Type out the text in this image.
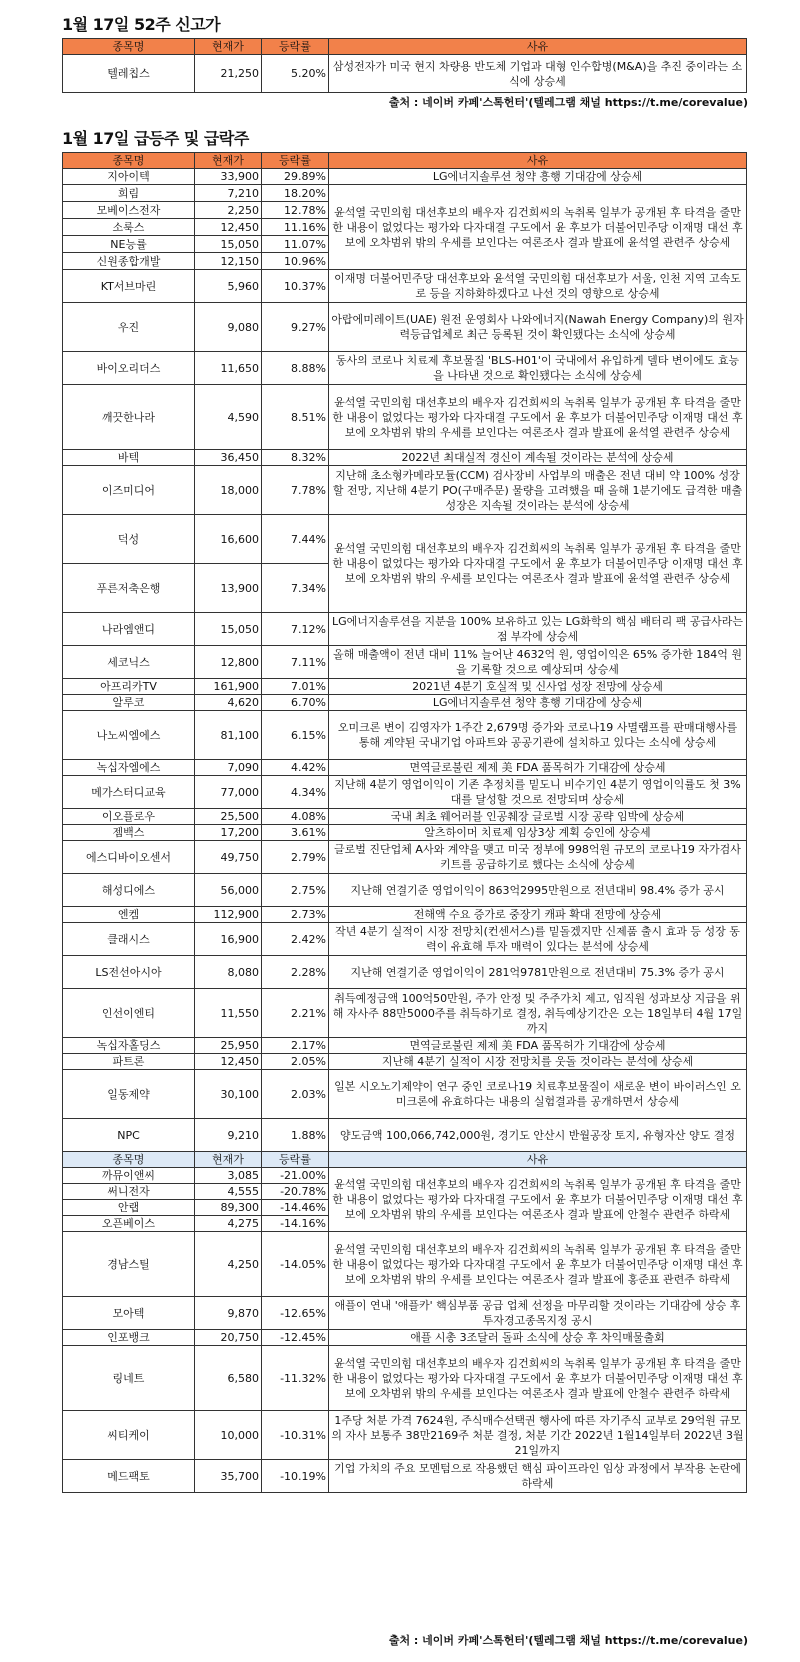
1월 17일 52주 신고가
종목명	현재가	등락률	사유
텔레칩스	21,250	5.20%	삼성전자가 미국 현지 차량용 반도체 기업과 대형 인수합병(M&A)을 추진 중이라는 소식에 상승세
출처 : 네이버 카페'스톡헌터'(텔레그램 채널 https://t.me/corevalue)
1월 17일 급등주 및 급락주
종목명	현재가	등락률	사유
지아이텍	33,900	29.89%	LG에너지솔루션 청약 흥행 기대감에 상승세
희림	7,210	18.20%	윤석열 국민의힘 대선후보의 배우자 김건희씨의 녹취록 일부가 공개된 후 타격을 줄만한 내용이 없었다는 평가와 다자대결 구도에서 윤 후보가 더불어민주당 이재명 대선 후보에 오차범위 밖의 우세를 보인다는 여론조사 결과 발표에 윤석열 관련주 상승세
모베이스전자	2,250	12.78%	
소룩스	12,450	11.16%	
NE능률	15,050	11.07%	
신원종합개발	12,150	10.96%	
KT서브마린	5,960	10.37%	이재명 더불어민주당 대선후보와 윤석열 국민의힘 대선후보가 서울, 인천 지역 고속도로 등을 지하화하겠다고 나선 것의 영향으로 상승세
우진	9,080	9.27%	아랍에미레이트(UAE) 원전 운영회사 나와에너지(Nawah Energy Company)의 원자력등급업체로 최근 등록된 것이 확인됐다는 소식에 상승세
바이오리더스	11,650	8.88%	동사의 코로나 치료제 후보물질 'BLS-H01'이 국내에서 유입하게 델타 변이에도 효능을 나타낸 것으로 확인됐다는 소식에 상승세
깨끗한나라	4,590	8.51%	윤석열 국민의힘 대선후보의 배우자 김건희씨의 녹취록 일부가 공개된 후 타격을 줄만한 내용이 없었다는 평가와 다자대결 구도에서 윤 후보가 더불어민주당 이재명 대선 후보에 오차범위 밖의 우세를 보인다는 여론조사 결과 발표에 윤석열 관련주 상승세
바텍	36,450	8.32%	2022년 최대실적 경신이 계속될 것이라는 분석에 상승세
이즈미디어	18,000	7.78%	지난해 초소형카메라모듈(CCM) 검사장비 사업부의 매출은 전년 대비 약 100% 성장할 전망, 지난해 4분기 PO(구매주문) 물량을 고려했을 때 올해 1분기에도 급격한 매출 성장은 지속될 것이라는 분석에 상승세
덕성	16,600	7.44%	윤석열 국민의힘 대선후보의 배우자 김건희씨의 녹취록 일부가 공개된 후 타격을 줄만한 내용이 없었다는 평가와 다자대결 구도에서 윤 후보가 더불어민주당 이재명 대선 후보에 오차범위 밖의 우세를 보인다는 여론조사 결과 발표에 윤석열 관련주 상승세
푸른저축은행	13,900	7.34%	
나라엠앤디	15,050	7.12%	LG에너지솔루션을 지분을 100% 보유하고 있는 LG화학의 핵심 배터리 팩 공급사라는 점 부각에 상승세
세코닉스	12,800	7.11%	올해 매출액이 전년 대비 11% 늘어난 4632억 원, 영업이익은 65% 증가한 184억 원을 기록할 것으로 예상되며 상승세
아프리카TV	161,900	7.01%	2021년 4분기 호실적 및 신사업 성장 전망에 상승세
알루코	4,620	6.70%	LG에너지솔루션 청약 흥행 기대감에 상승세
나노씨엠에스	81,100	6.15%	오미크론 변이 김영자가 1주간 2,679명 증가와 코로나19 사멸램프를 판매대행사를 통해 계약된 국내기업 아파트와 공공기관에 설치하고 있다는 소식에 상승세
녹십자엠에스	7,090	4.42%	면역글로불린 제제 美 FDA 품목허가 기대감에 상승세
메가스터디교육	77,000	4.34%	지난해 4분기 영업이익이 기존 추정치를 밑도니 비수기인 4분기 영업이익률도 첫 3%대를 달성할 것으로 전망되며 상승세
이오플로우	25,500	4.08%	국내 최초 웨어러블 인공췌장 글로벌 시장 공략 임박에 상승세
젬백스	17,200	3.61%	알츠하이머 치료제 임상3상 계획 승인에 상승세
에스디바이오센서	49,750	2.79%	글로벌 진단업체 A사와 계약을 맺고 미국 정부에 998억원 규모의 코로나19 자가검사키트를 공급하기로 했다는 소식에 상승세
해성디에스	56,000	2.75%	지난해 연결기준 영업이익이 863억2995만원으로 전년대비 98.4% 증가 공시
엔켐	112,900	2.73%	전해액 수요 증가로 중장기 캐파 확대 전망에 상승세
클래시스	16,900	2.42%	작년 4분기 실적이 시장 전망치(컨센서스)를 밑돌겠지만 신제품 출시 효과 등 성장 동력이 유효해 투자 매력이 있다는 분석에 상승세
LS전선아시아	8,080	2.28%	지난해 연결기준 영업이익이 281억9781만원으로 전년대비 75.3% 증가 공시
인선이엔티	11,550	2.21%	취득예정금액 100억50만원, 주가 안정 및 주주가치 제고, 임직원 성과보상 지급을 위해 자사주 88만5000주를 취득하기로 결정, 취득예상기간은 오는 18일부터 4월 17일까지
녹십자홀딩스	25,950	2.17%	면역글로불린 제제 美 FDA 품목허가 기대감에 상승세
파트론	12,450	2.05%	지난해 4분기 실적이 시장 전망치를 웃돌 것이라는 분석에 상승세
일동제약	30,100	2.03%	일본 시오노기제약이 연구 중인 코로나19 치료후보물질이 새로운 변이 바이러스인 오미크론에 유효하다는 내용의 실험결과를 공개하면서 상승세
NPC	9,210	1.88%	양도금액 100,066,742,000원, 경기도 안산시 반월공장 토지, 유형자산 양도 결정
종목명	현재가	등락률	사유
까뮤이앤씨	3,085	-21.00%	윤석열 국민의힘 대선후보의 배우자 김건희씨의 녹취록 일부가 공개된 후 타격을 줄만한 내용이 없었다는 평가와 다자대결 구도에서 윤 후보가 더불어민주당 이재명 대선 후보에 오차범위 밖의 우세를 보인다는 여론조사 결과 발표에 안철수 관련주 하락세
써니전자	4,555	-20.78%	
안랩	89,300	-14.46%	
오픈베이스	4,275	-14.16%	
경남스틸	4,250	-14.05%	윤석열 국민의힘 대선후보의 배우자 김건희씨의 녹취록 일부가 공개된 후 타격을 줄만한 내용이 없었다는 평가와 다자대결 구도에서 윤 후보가 더불어민주당 이재명 대선 후보에 오차범위 밖의 우세를 보인다는 여론조사 결과 발표에 홍준표 관련주 하락세
모아텍	9,870	-12.65%	애플이 연내 '애플카' 핵심부품 공급 업체 선정을 마무리할 것이라는 기대감에 상승 후 투자경고종목지정 공시
인포뱅크	20,750	-12.45%	애플 시총 3조달러 돌파 소식에 상승 후 차익매물출회
링네트	6,580	-11.32%	윤석열 국민의힘 대선후보의 배우자 김건희씨의 녹취록 일부가 공개된 후 타격을 줄만한 내용이 없었다는 평가와 다자대결 구도에서 윤 후보가 더불어민주당 이재명 대선 후보에 오차범위 밖의 우세를 보인다는 여론조사 결과 발표에 안철수 관련주 하락세
씨티케이	10,000	-10.31%	1주당 처분 가격 7624원, 주식매수선택권 행사에 따른 자기주식 교부로 29억원 규모의 자사 보통주 38만2169주 처분 결정, 처분 기간 2022년 1월14일부터 2022년 3월21일까지
메드팩토	35,700	-10.19%	기업 가치의 주요 모멘텀으로 작용했던 핵심 파이프라인 임상 과정에서 부작용 논란에 하락세
출처 : 네이버 카페'스톡헌터'(텔레그램 채널 https://t.me/corevalue)
